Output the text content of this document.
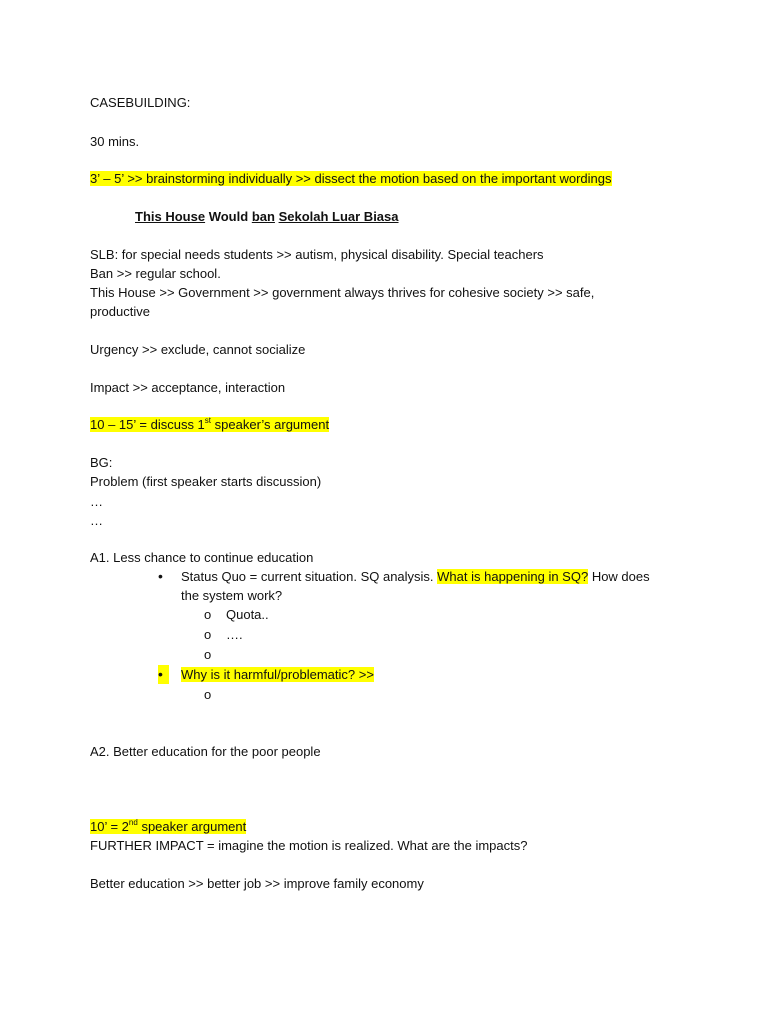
CASEBUILDING:
30 mins.
3’ – 5’ >> brainstorming individually >> dissect the motion based on the important wordings
This House Would ban Sekolah Luar Biasa
SLB: for special needs students >> autism, physical disability. Special teachers
Ban >> regular school.
This House >> Government >> government always thrives for cohesive society >> safe,
productive
Urgency >> exclude, cannot socialize
Impact >> acceptance, interaction
10 – 15’ = discuss 1st speaker’s argument
BG:
Problem (first speaker starts discussion)
…
…
A1. Less chance to continue education
• Status Quo = current situation. SQ analysis. What is happening in SQ? How does
the system work?
o Quota..
o ….
o
•	Why is it harmful/problematic? >>
o
A2. Better education for the poor people
10’ = 2nd speaker argument
FURTHER IMPACT = imagine the motion is realized. What are the impacts?
Better education >> better job >> improve family economy
